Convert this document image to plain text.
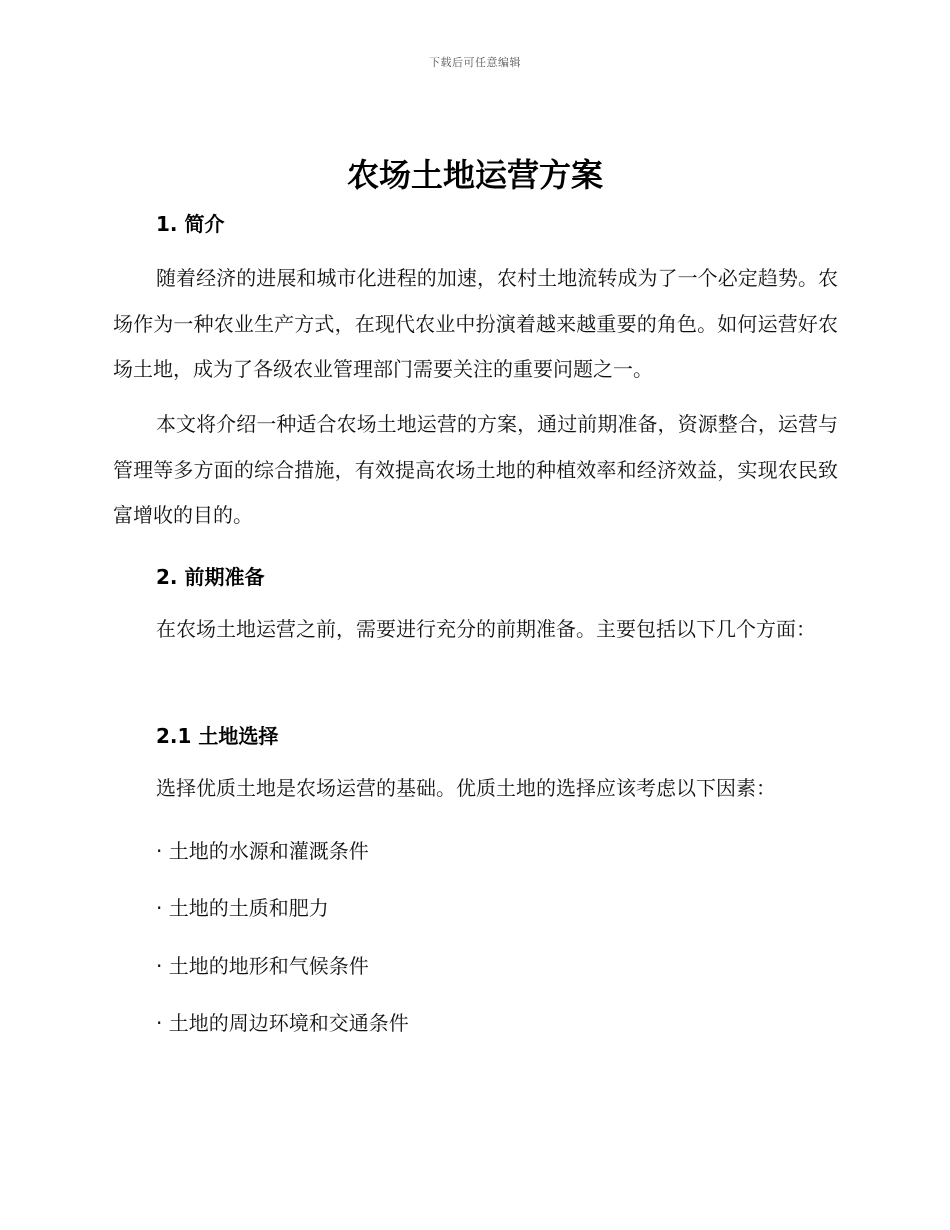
下载后可任意编辑
农场土地运营方案
1. 简介

随着经济的进展和城市化进程的加速，农村土地流转成为了一个必定趋势。农场作为一种农业生产方式，在现代农业中扮演着越来越重要的角色。如何运营好农场土地，成为了各级农业管理部门需要关注的重要问题之一。

本文将介绍一种适合农场土地运营的方案，通过前期准备，资源整合，运营与管理等多方面的综合措施，有效提高农场土地的种植效率和经济效益，实现农民致富增收的目的。

2. 前期准备

在农场土地运营之前，需要进行充分的前期准备。主要包括以下几个方面：

2.1 土地选择

选择优质土地是农场运营的基础。优质土地的选择应该考虑以下因素：

· 土地的水源和灌溉条件

· 土地的土质和肥力

· 土地的地形和气候条件

· 土地的周边环境和交通条件
